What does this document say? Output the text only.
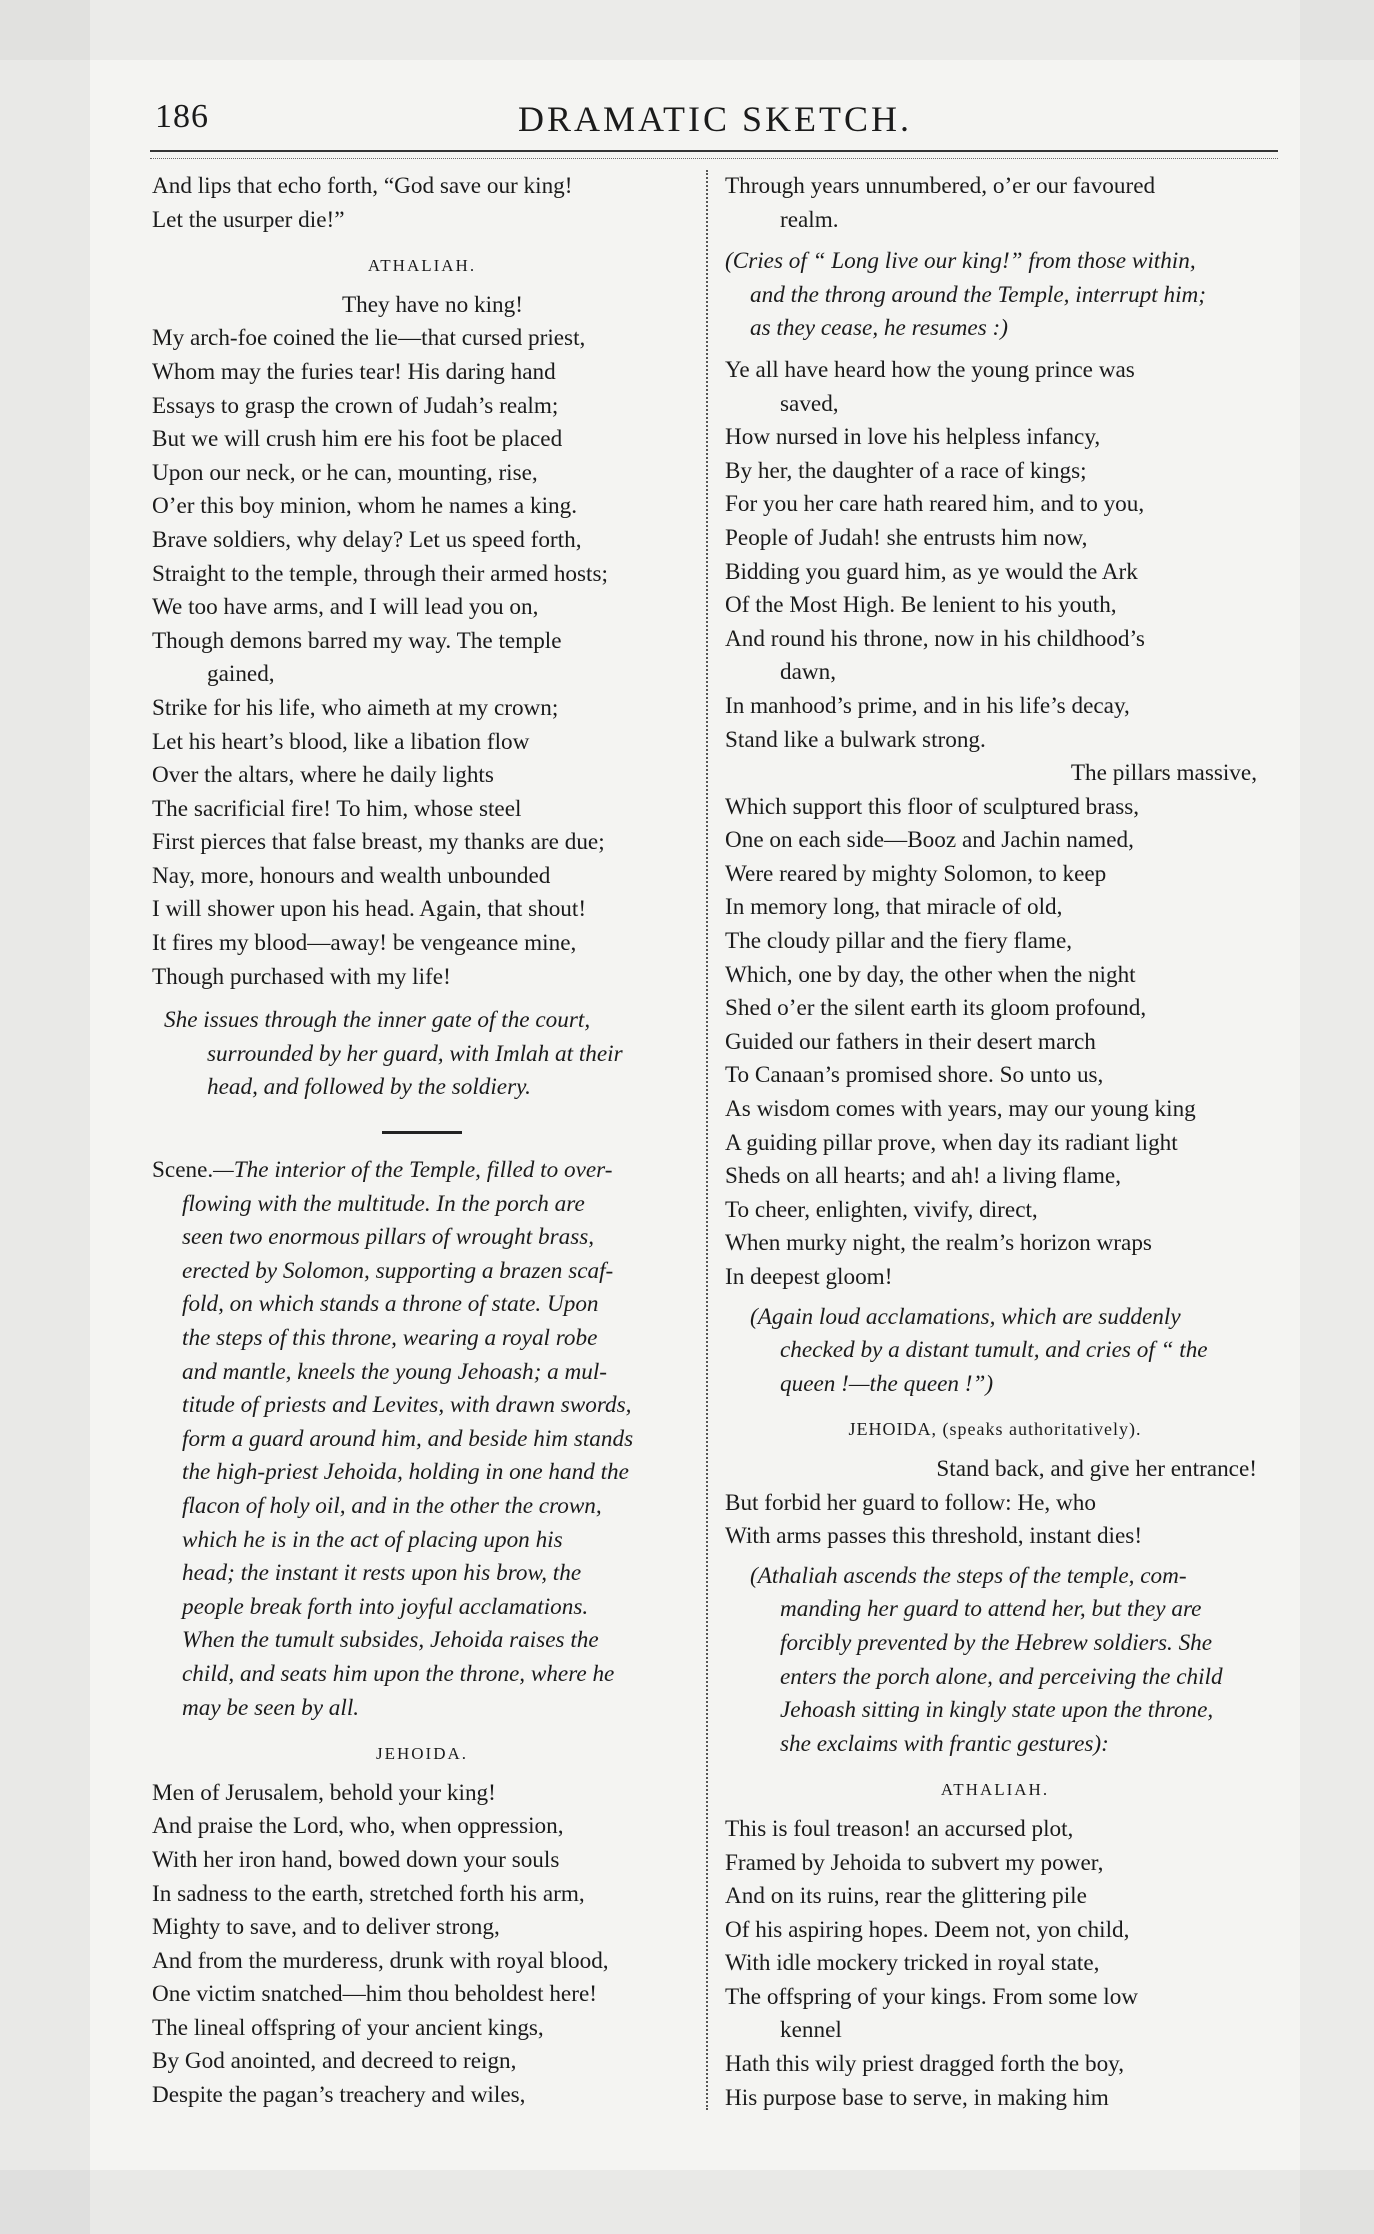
186	DRAMATIC SKETCH.
And lips that echo forth, “God save our king!
Let the usurper die!”
ATHALIAH.
They have no king!
My arch-foe coined the lie—that cursed priest,
Whom may the furies tear! His daring hand
Essays to grasp the crown of Judah’s realm;
But we will crush him ere his foot be placed
Upon our neck, or he can, mounting, rise,
O’er this boy minion, whom he names a king.
Brave soldiers, why delay? Let us speed forth,
Straight to the temple, through their armed hosts;
We too have arms, and I will lead you on,
Though demons barred my way. The temple
gained,
Strike for his life, who aimeth at my crown;
Let his heart’s blood, like a libation flow
Over the altars, where he daily lights
The sacrificial fire! To him, whose steel
First pierces that false breast, my thanks are due;
Nay, more, honours and wealth unbounded
I will shower upon his head. Again, that shout!
It fires my blood—away! be vengeance mine,
Though purchased with my life!
She issues through the inner gate of the court,
surrounded by her guard, with Imlah at their
head, and followed by the soldiery.
Scene.—The interior of the Temple, filled to over-
flowing with the multitude. In the porch are
seen two enormous pillars of wrought brass,
erected by Solomon, supporting a brazen scaf-
fold, on which stands a throne of state. Upon
the steps of this throne, wearing a royal robe
and mantle, kneels the young Jehoash; a mul-
titude of priests and Levites, with drawn swords,
form a guard around him, and beside him stands
the high-priest Jehoida, holding in one hand the
flacon of holy oil, and in the other the crown,
which he is in the act of placing upon his
head; the instant it rests upon his brow, the
people break forth into joyful acclamations.
When the tumult subsides, Jehoida raises the
child, and seats him upon the throne, where he
may be seen by all.
JEHOIDA.
Men of Jerusalem, behold your king!
And praise the Lord, who, when oppression,
With her iron hand, bowed down your souls
In sadness to the earth, stretched forth his arm,
Mighty to save, and to deliver strong,
And from the murderess, drunk with royal blood,
One victim snatched—him thou beholdest here!
The lineal offspring of your ancient kings,
By God anointed, and decreed to reign,
Despite the pagan’s treachery and wiles,
Through years unnumbered, o’er our favoured
realm.
(Cries of “ Long live our king!” from those within,
and the throng around the Temple, interrupt him;
as they cease, he resumes :)
Ye all have heard how the young prince was
saved,
How nursed in love his helpless infancy,
By her, the daughter of a race of kings;
For you her care hath reared him, and to you,
People of Judah! she entrusts him now,
Bidding you guard him, as ye would the Ark
Of the Most High. Be lenient to his youth,
And round his throne, now in his childhood’s
dawn,
In manhood’s prime, and in his life’s decay,
Stand like a bulwark strong.
The pillars massive,
Which support this floor of sculptured brass,
One on each side—Booz and Jachin named,
Were reared by mighty Solomon, to keep
In memory long, that miracle of old,
The cloudy pillar and the fiery flame,
Which, one by day, the other when the night
Shed o’er the silent earth its gloom profound,
Guided our fathers in their desert march
To Canaan’s promised shore. So unto us,
As wisdom comes with years, may our young king
A guiding pillar prove, when day its radiant light
Sheds on all hearts; and ah! a living flame,
To cheer, enlighten, vivify, direct,
When murky night, the realm’s horizon wraps
In deepest gloom!
(Again loud acclamations, which are suddenly
checked by a distant tumult, and cries of “ the
queen !—the queen !”)
JEHOIDA, (speaks authoritatively).
Stand back, and give her entrance!
But forbid her guard to follow: He, who
With arms passes this threshold, instant dies!
(Athaliah ascends the steps of the temple, com-
manding her guard to attend her, but they are
forcibly prevented by the Hebrew soldiers. She
enters the porch alone, and perceiving the child
Jehoash sitting in kingly state upon the throne,
she exclaims with frantic gestures):
ATHALIAH.
This is foul treason! an accursed plot,
Framed by Jehoida to subvert my power,
And on its ruins, rear the glittering pile
Of his aspiring hopes. Deem not, yon child,
With idle mockery tricked in royal state,
The offspring of your kings. From some low
kennel
Hath this wily priest dragged forth the boy,
His purpose base to serve, in making him
